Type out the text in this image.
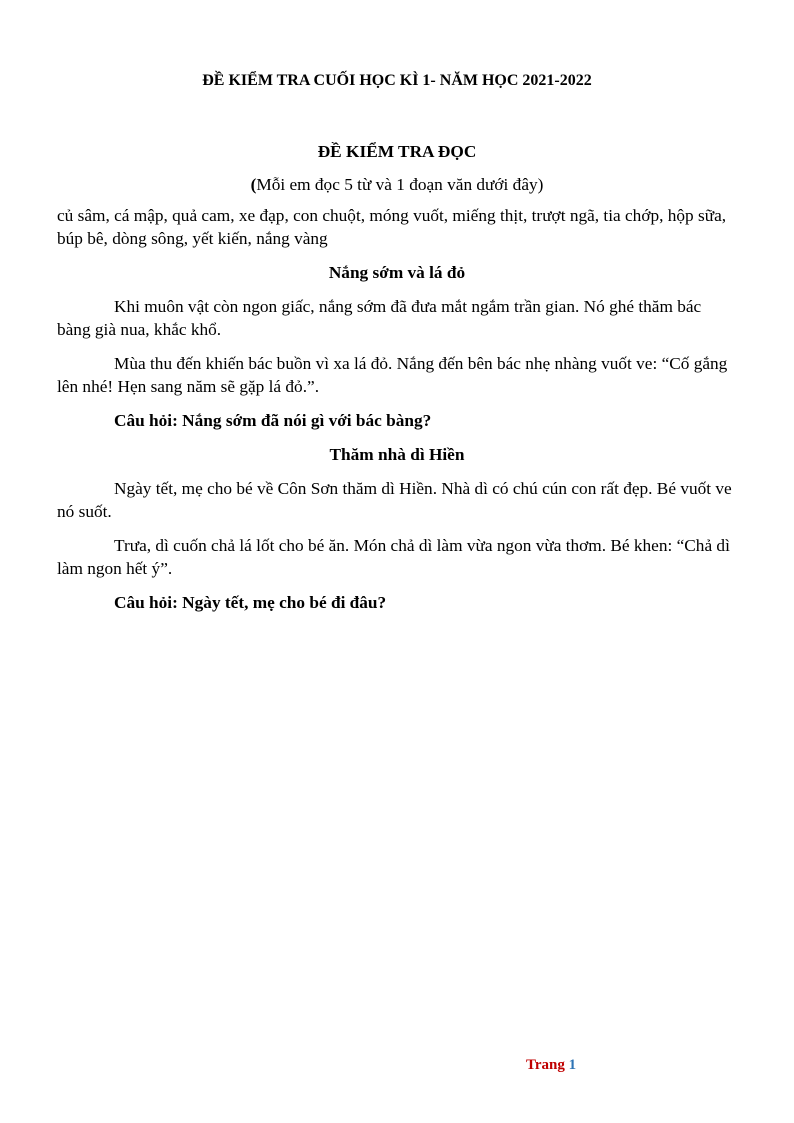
ĐỀ KIỂM TRA CUỐI HỌC KÌ 1- NĂM HỌC 2021-2022
ĐỀ KIỂM TRA ĐỌC
(Mỗi em đọc 5 từ và 1 đoạn văn dưới đây)
củ sâm, cá mập, quả cam, xe đạp, con chuột, móng vuốt, miếng thịt, trượt ngã, tia chớp, hộp sữa, búp bê, dòng sông, yết kiến, nắng vàng
Nắng sớm và lá đỏ
Khi muôn vật còn ngon giấc, nắng sớm đã đưa mắt ngắm trần gian. Nó ghé thăm bác bàng già nua, khắc khổ.
Mùa thu đến khiến bác buồn vì xa lá đỏ. Nắng đến bên bác nhẹ nhàng vuốt ve: “Cố gắng lên nhé! Hẹn sang năm sẽ gặp lá đỏ.”.
Câu hỏi: Nắng sớm đã nói gì với bác bàng?
Thăm nhà dì Hiền
Ngày tết, mẹ cho bé về Côn Sơn thăm dì Hiền. Nhà dì có chú cún con rất đẹp. Bé vuốt ve nó suốt.
Trưa, dì cuốn chả lá lốt cho bé ăn. Món chả dì làm vừa ngon vừa thơm. Bé khen: “Chả dì làm ngon hết ý”.
Câu hỏi: Ngày tết, mẹ cho bé đi đâu?
Trang 1
